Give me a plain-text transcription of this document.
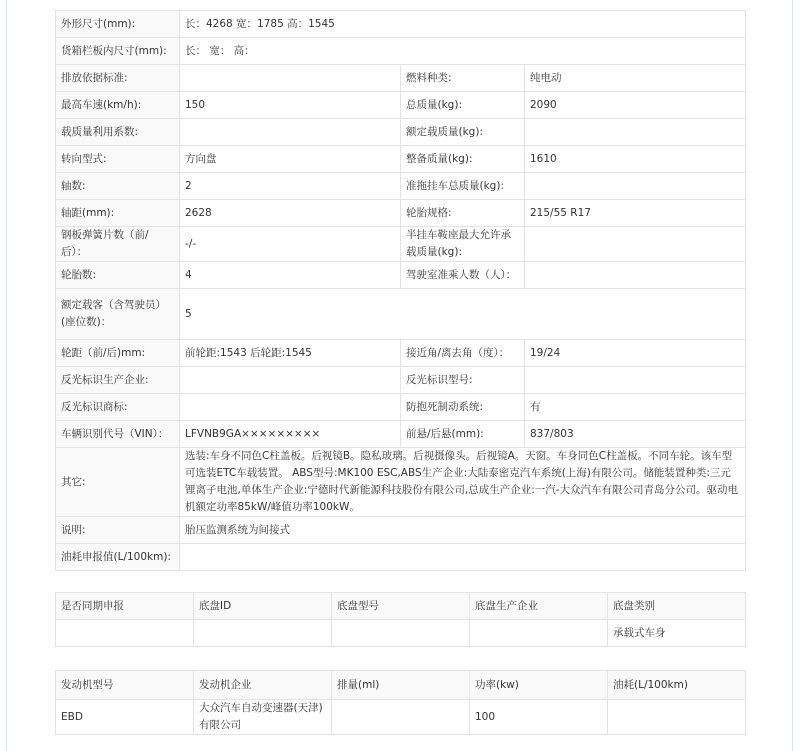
外形尺寸(mm):	长：4268 宽：1785 高：1545		
货箱栏板内尺寸(mm):	长： 宽： 高：		
排放依据标准:		燃料种类:	纯电动
最高车速(km/h):	150	总质量(kg):	2090
载质量利用系数:		额定载质量(kg):	
转向型式:	方向盘	整备质量(kg):	1610
轴数:	2	准拖挂车总质量(kg):	
轴距(mm):	2628	轮胎规格:	215/55 R17
钢板弹簧片数（前/后）：	-/-	半挂车鞍座最大允许承载质量(kg):	
轮胎数:	4	驾驶室准乘人数（人）：	
额定载客（含驾驶员）(座位数)：	5		
轮距（前/后)mm:	前轮距:1543 后轮距:1545	接近角/离去角（度）：	19/24
反光标识生产企业:		反光标识型号:	
反光标识商标:		防抱死制动系统:	有
车辆识别代号（VIN）：	LFVNB9GA×××××××××	前悬/后悬(mm):	837/803
其它:	选装:车身不同色C柱盖板。后视镜B。隐私玻璃。后视摄像头。后视镜A。天窗。车身同色C柱盖板。不同车轮。该车型可选装ETC车载装置。 ABS型号:MK100 ESC,ABS生产企业:大陆泰密克汽车系统(上海)有限公司。储能装置种类:三元锂离子电池,单体生产企业:宁德时代新能源科技股份有限公司,总成生产企业:一汽-大众汽车有限公司青岛分公司。驱动电机额定功率85kW/峰值功率100kW。		
说明:	胎压监测系统为间接式		
油耗申报值(L/100km):			
是否同期申报	底盘ID	底盘型号	底盘生产企业	底盘类别
				承载式车身
发动机型号	发动机企业	排量(ml)	功率(kw)	油耗(L/100km)
EBD	大众汽车自动变速器(天津)有限公司		100	
